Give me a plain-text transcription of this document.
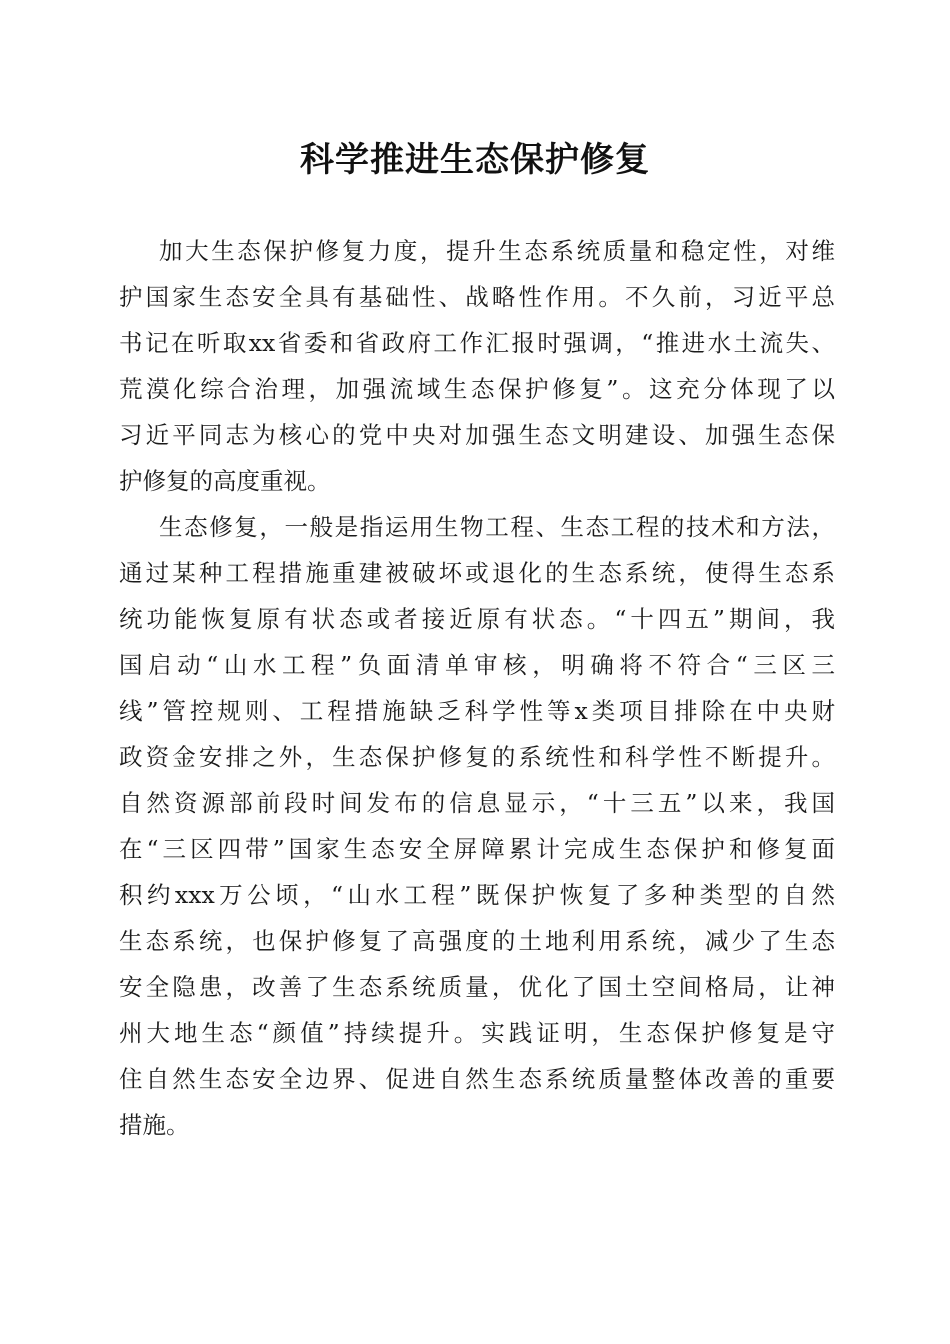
科学推进生态保护修复

加大生态保护修复力度，提升生态系统质量和稳定性，对维
护国家生态安全具有基础性、战略性作用。不久前，习近平总
书记在听取xx省委和省政府工作汇报时强调，“推进水土流失、
荒漠化综合治理，加强流域生态保护修复”。这充分体现了以
习近平同志为核心的党中央对加强生态文明建设、加强生态保
护修复的高度重视。

生态修复，一般是指运用生物工程、生态工程的技术和方法，
通过某种工程措施重建被破坏或退化的生态系统，使得生态系
统功能恢复原有状态或者接近原有状态。“十四五”期间，我
国启动“山水工程”负面清单审核，明确将不符合“三区三
线”管控规则、工程措施缺乏科学性等x类项目排除在中央财
政资金安排之外，生态保护修复的系统性和科学性不断提升。
自然资源部前段时间发布的信息显示，“十三五”以来，我国
在“三区四带”国家生态安全屏障累计完成生态保护和修复面
积约xxx万公顷，“山水工程”既保护恢复了多种类型的自然
生态系统，也保护修复了高强度的土地利用系统，减少了生态
安全隐患，改善了生态系统质量，优化了国土空间格局，让神
州大地生态“颜值”持续提升。实践证明，生态保护修复是守
住自然生态安全边界、促进自然生态系统质量整体改善的重要
措施。
